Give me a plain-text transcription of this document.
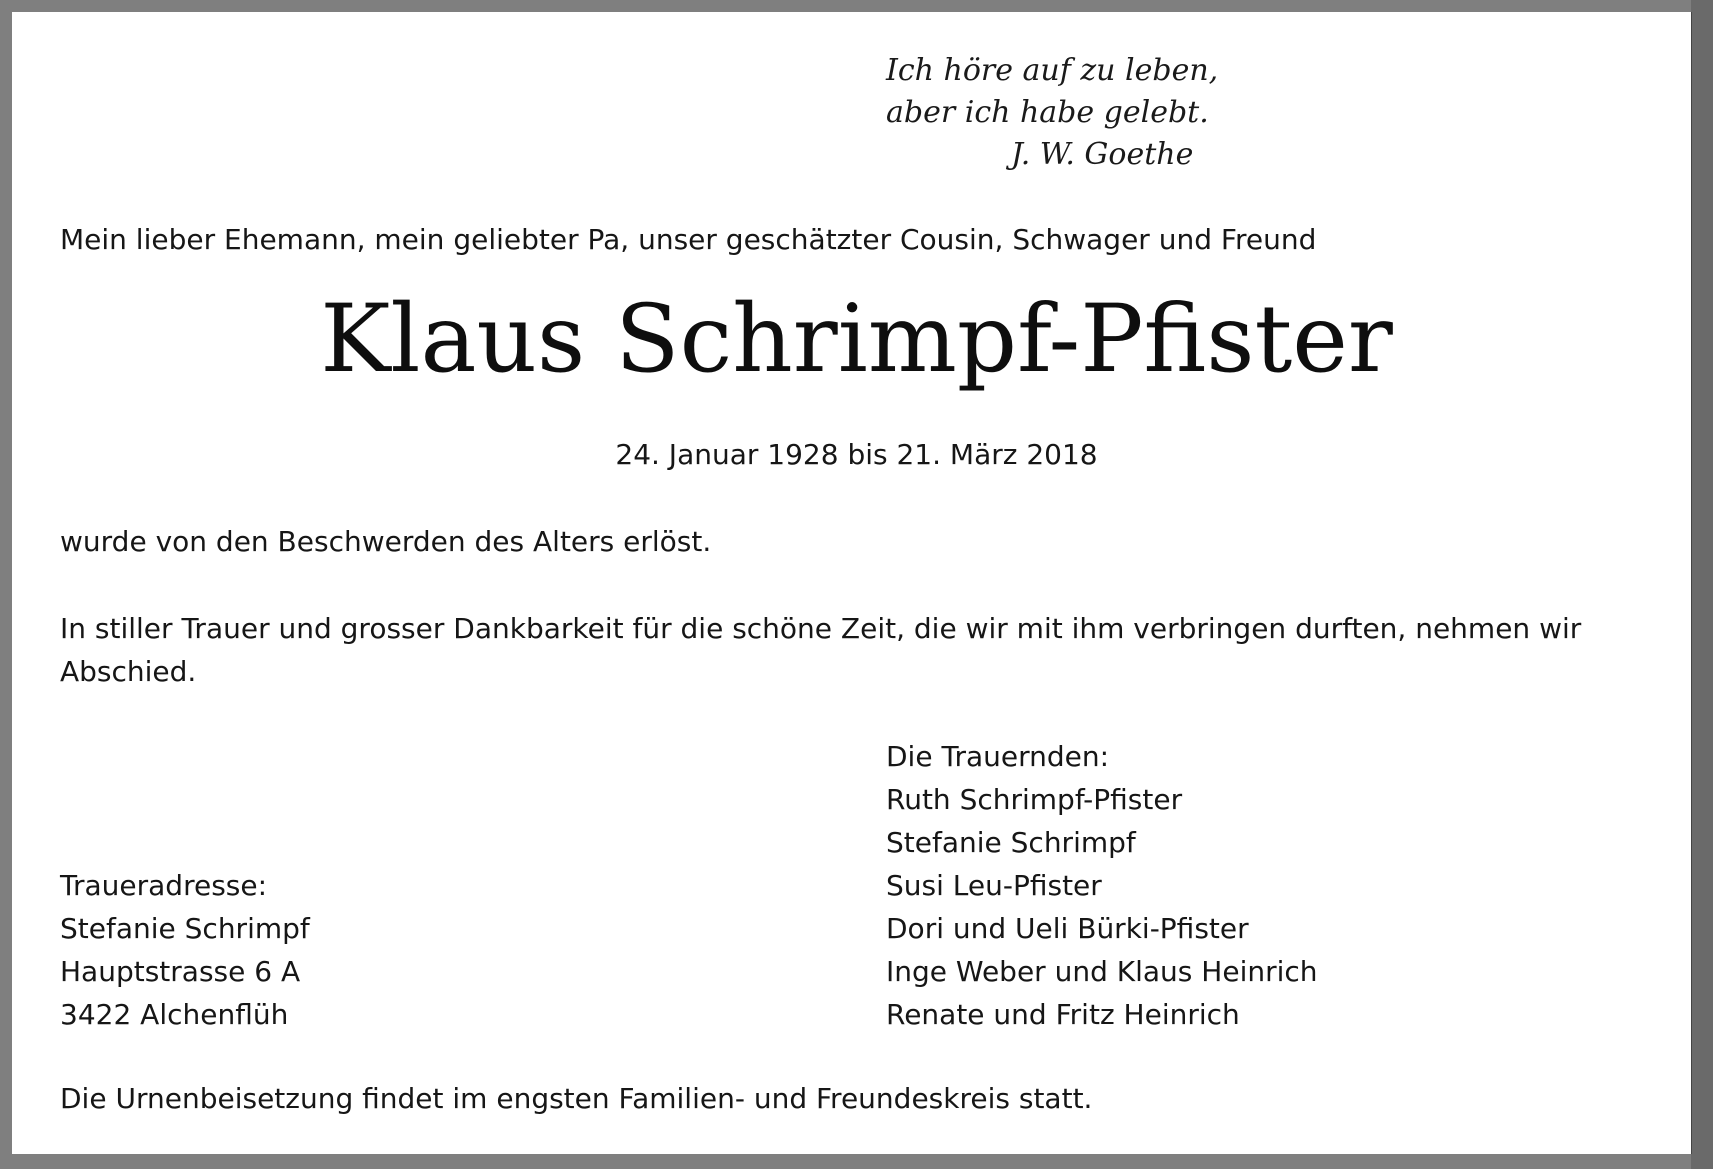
Ich höre auf zu leben,
aber ich habe gelebt.
J. W. Goethe
Mein lieber Ehemann, mein geliebter Pa, unser geschätzter Cousin, Schwager und Freund
Klaus Schrimpf-Pfister
24. Januar 1928 bis 21. März 2018
wurde von den Beschwerden des Alters erlöst.
In stiller Trauer und grosser Dankbarkeit für die schöne Zeit, die wir mit ihm verbringen durften, nehmen wir
Abschied.
Die Trauernden:
Ruth Schrimpf-Pfister
Stefanie Schrimpf
Susi Leu-Pfister
Dori und Ueli Bürki-Pfister
Inge Weber und Klaus Heinrich
Renate und Fritz Heinrich
Traueradresse:
Stefanie Schrimpf
Hauptstrasse 6 A
3422 Alchenflüh
Die Urnenbeisetzung findet im engsten Familien- und Freundeskreis statt.
